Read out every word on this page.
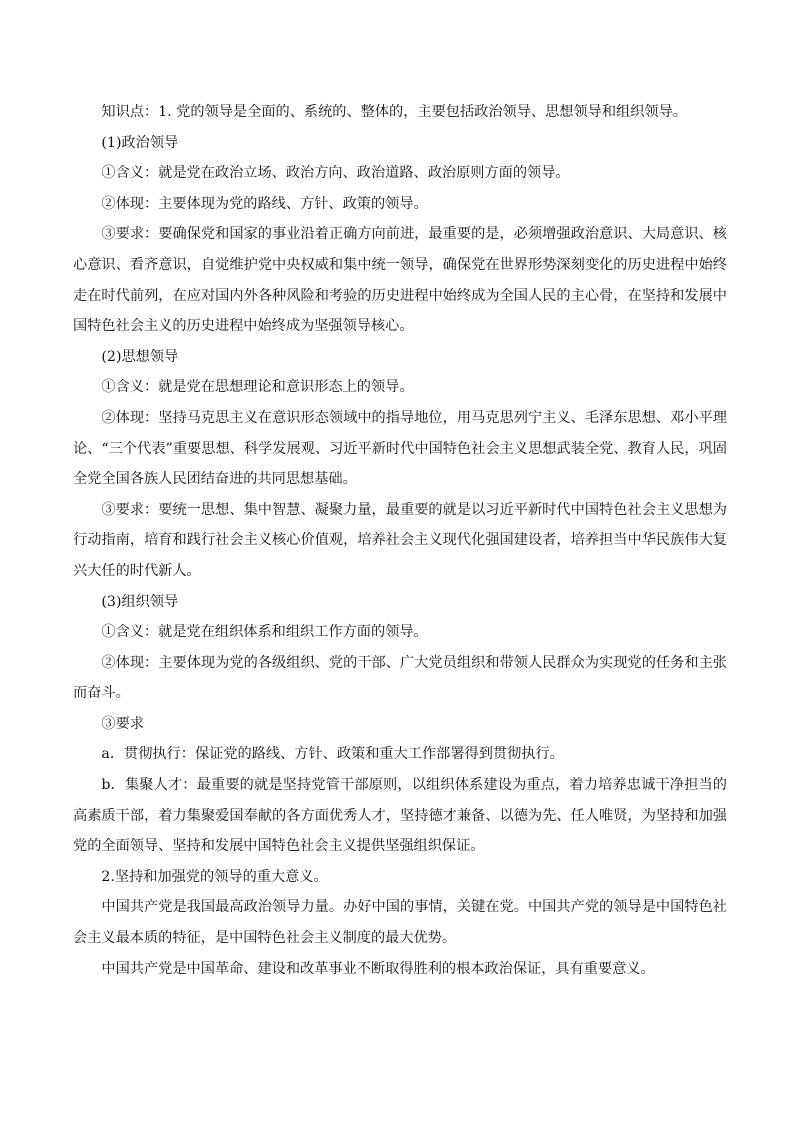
知识点：1. 党的领导是全面的、系统的、整体的，主要包括政治领导、思想领导和组织领导。

(1)政治领导

①含义：就是党在政治立场、政治方向、政治道路、政治原则方面的领导。

②体现：主要体现为党的路线、方针、政策的领导。

③要求：要确保党和国家的事业沿着正确方向前进，最重要的是，必须增强政治意识、大局意识、核心意识、看齐意识，自觉维护党中央权威和集中统一领导，确保党在世界形势深刻变化的历史进程中始终走在时代前列，在应对国内外各种风险和考验的历史进程中始终成为全国人民的主心骨，在坚持和发展中国特色社会主义的历史进程中始终成为坚强领导核心。

(2)思想领导

①含义：就是党在思想理论和意识形态上的领导。

②体现：坚持马克思主义在意识形态领域中的指导地位，用马克思列宁主义、毛泽东思想、邓小平理论、“三个代表”重要思想、科学发展观、习近平新时代中国特色社会主义思想武装全党、教育人民，巩固全党全国各族人民团结奋进的共同思想基础。

③要求：要统一思想、集中智慧、凝聚力量，最重要的就是以习近平新时代中国特色社会主义思想为行动指南，培育和践行社会主义核心价值观，培养社会主义现代化强国建设者，培养担当中华民族伟大复兴大任的时代新人。

(3)组织领导

①含义：就是党在组织体系和组织工作方面的领导。

②体现：主要体现为党的各级组织、党的干部、广大党员组织和带领人民群众为实现党的任务和主张而奋斗。

③要求

a．贯彻执行：保证党的路线、方针、政策和重大工作部署得到贯彻执行。

b．集聚人才：最重要的就是坚持党管干部原则，以组织体系建设为重点，着力培养忠诚干净担当的高素质干部，着力集聚爱国奉献的各方面优秀人才，坚持德才兼备、以德为先、任人唯贤，为坚持和加强党的全面领导、坚持和发展中国特色社会主义提供坚强组织保证。

2.坚持和加强党的领导的重大意义。

中国共产党是我国最高政治领导力量。办好中国的事情，关键在党。中国共产党的领导是中国特色社会主义最本质的特征，是中国特色社会主义制度的最大优势。

中国共产党是中国革命、建设和改革事业不断取得胜利的根本政治保证，具有重要意义。
